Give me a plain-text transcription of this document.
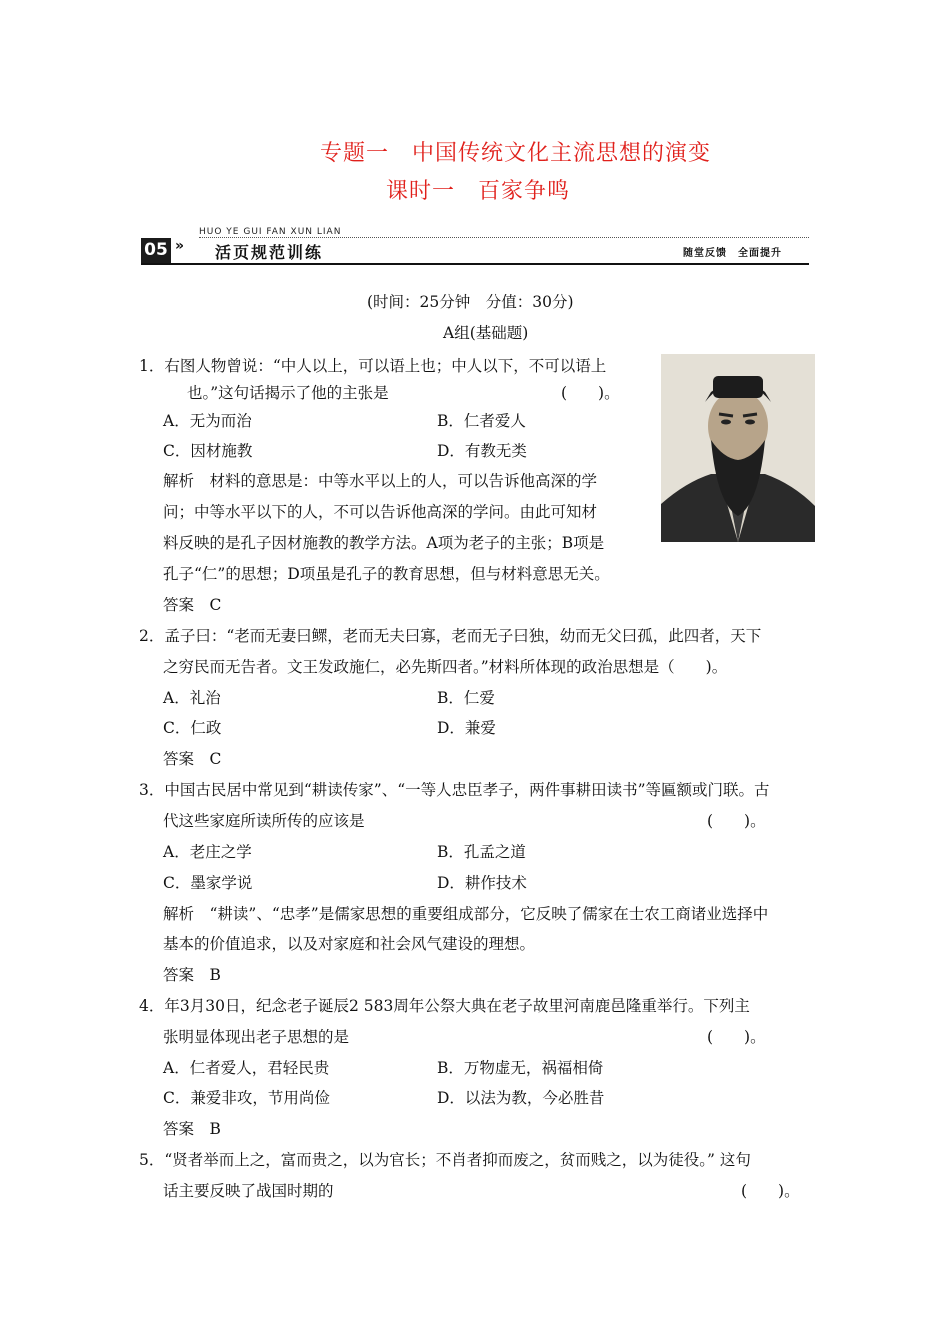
专题一　中国传统文化主流思想的演变
课时一　百家争鸣
HUO YE GUI FAN XUN LIAN
05 » 活页规范训练	随堂反馈　全面提升
(时间：25分钟　分值：30分)
A组(基础题)
1．右图人物曾说：“中人以上，可以语上也；中人以下，不可以语上
也。”这句话揭示了他的主张是	(　　)。
A．无为而治	B．仁者爱人
C．因材施教	D．有教无类
解析　材料的意思是：中等水平以上的人，可以告诉他高深的学
问；中等水平以下的人，不可以告诉他高深的学问。由此可知材
料反映的是孔子因材施教的教学方法。A项为老子的主张；B项是
孔子“仁”的思想；D项虽是孔子的教育思想，但与材料意思无关。
答案　C
2．孟子曰：“老而无妻曰鳏，老而无夫曰寡，老而无子曰独，幼而无父曰孤，此四者，天下
之穷民而无告者。文王发政施仁，必先斯四者。”材料所体现的政治思想是（　　)。
A．礼治	B．仁爱
C．仁政	D．兼爱
答案　C
3．中国古民居中常见到“耕读传家”、“一等人忠臣孝子，两件事耕田读书”等匾额或门联。古
代这些家庭所读所传的应该是	(　　)。
A．老庄之学	B．孔孟之道
C．墨家学说	D．耕作技术
解析　“耕读”、“忠孝”是儒家思想的重要组成部分，它反映了儒家在士农工商诸业选择中
基本的价值追求，以及对家庭和社会风气建设的理想。
答案　B
4．年3月30日，纪念老子诞辰2 583周年公祭大典在老子故里河南鹿邑隆重举行。下列主
张明显体现出老子思想的是	(　　)。
A．仁者爱人，君轻民贵	B．万物虚无，祸福相倚
C．兼爱非攻，节用尚俭	D．以法为教，今必胜昔
答案　B
5．“贤者举而上之，富而贵之，以为官长；不肖者抑而废之，贫而贱之，以为徒役。” 这句
话主要反映了战国时期的	(　　)。
